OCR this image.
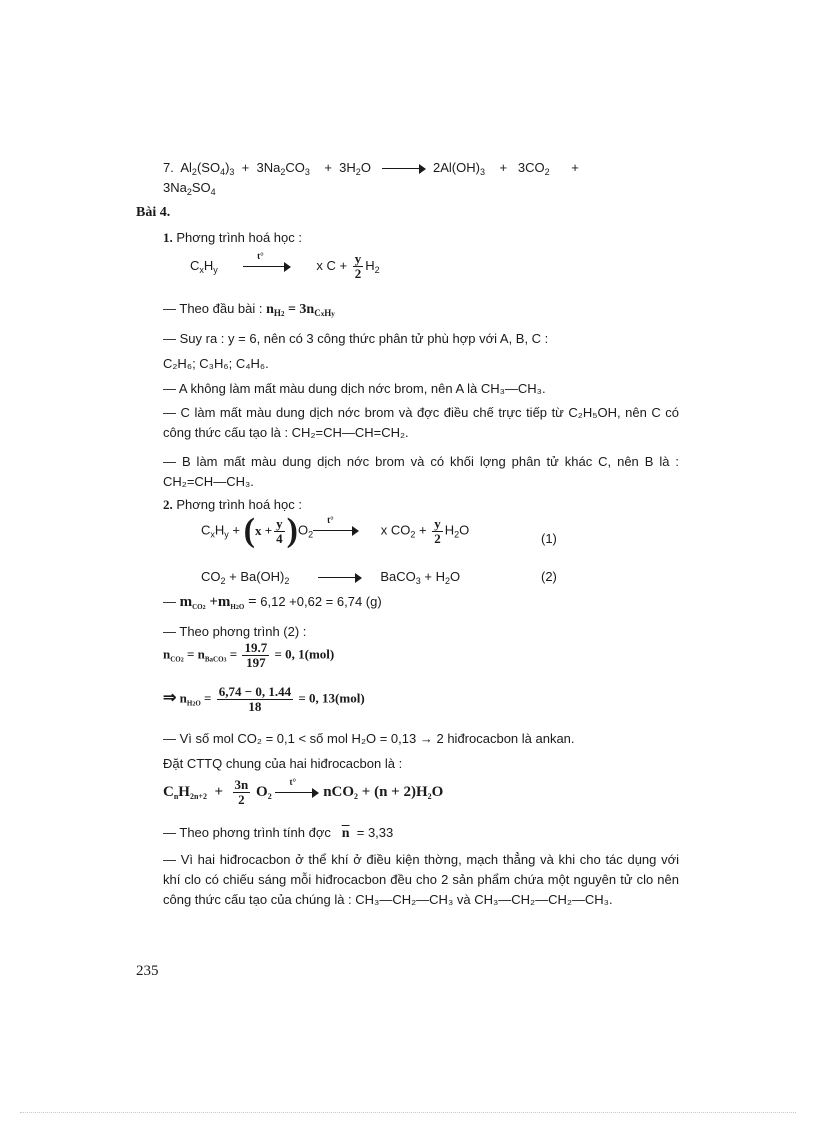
7. $Al_2(SO_4)_3 + 3Na_2CO_3 + 3H_2O$	$2Al(OH)_3 + 3CO_2$ +
$3Na_2SO_4$
Bài 4.
1. Phơng trình hoá học :
$C_xH_y$
t°
x $C + \frac{y}{2} H_2$
— Theo đầu bài : $n_{H2} = 3n_{CxHy}$
— Suy ra : y = 6, nên có 3 công thức phân tử phù hợp với A, B, C :
C₂H₆; C₃H₆; C₄H₆.
— A không làm mất màu dung dịch nớc brom, nên A là CH₃—CH₃.
— C làm mất màu dung dịch nớc brom và đợc điều chế trực tiếp từ C₂H₅OH, nên C có công thức cấu tạo là : CH₂=CH—CH=CH₂.
— B làm mất màu dung dịch nớc brom và có khối lợng phân tử khác C, nên B là : CH₂=CH—CH₃.
2. Phơng trình hoá học :
$C_xH_y + (x + \frac{y}{4} )O_2$
t°
x $CO_2 + \frac{y}{2} H_2O$
(1)
$CO_2 + Ba(OH)_2$	BaCO$_3$ + $H_2O$	(2)
— $m_{CO2} +m_{H2O} = 6,12 +0,62 = 6,74$ (g)
— Theo phơng trình (2) :
$n_{CO2} = n_{BaCO3} = \frac{19.7}{197} = 0$, 1(mol)
⇒ $n_{H2O} = \frac{6,74 - 0, 1.44}{18} = 0$, 13(mol)
— Vì số mol CO₂ = 0,1 < số mol H₂O = 0,13 → 2 hiđrocacbon là ankan.
Đặt CTTQ chung của hai hiđrocacbon là :
$C_nH_{2n+2} + \frac{3n}{2} O_2$
t°
$nCO_2 + (n + 2)H_2O$
— Theo phơng trình tính đợc $\overline{n} = 3,33$
— Vì hai hiđrocacbon ở thể khí ở điều kiện thờng, mạch thẳng và khi cho tác dụng với khí clo có chiếu sáng mỗi hiđrocacbon đều cho 2 sản phẩm chứa một nguyên tử clo nên công thức cấu tạo của chúng là : CH₃—CH₂—CH₃ và CH₃—CH₂—CH₂—CH₃.
235
